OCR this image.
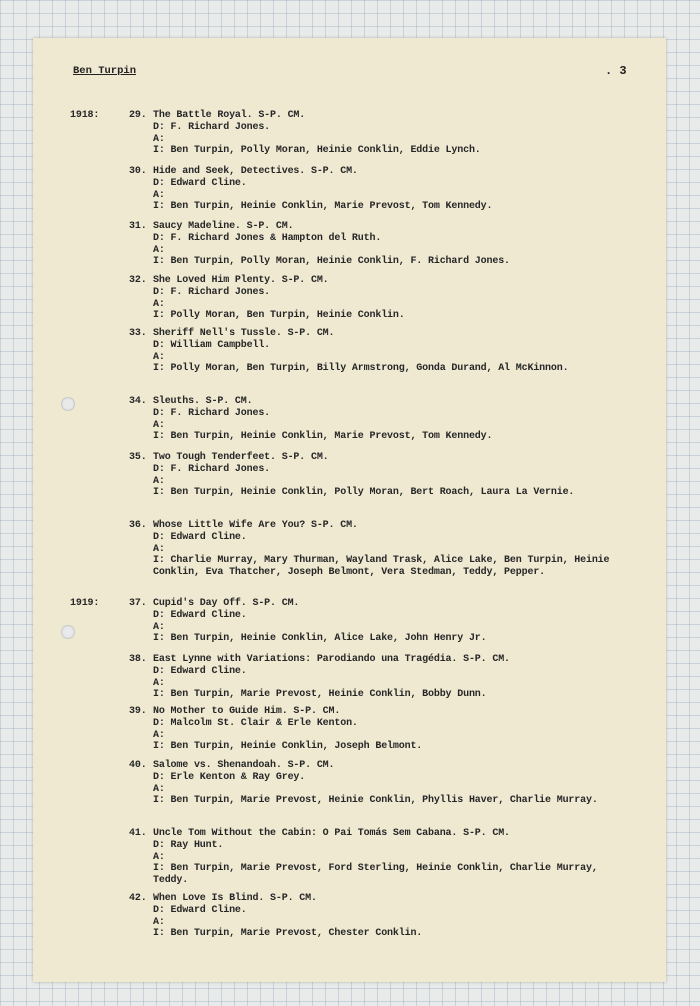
Ben Turpin	. 3
1918:	29. The Battle Royal. S-P. CM.
D: F. Richard Jones.
A:
I: Ben Turpin, Polly Moran, Heinie Conklin, Eddie Lynch.
30. Hide and Seek, Detectives. S-P. CM.
D: Edward Cline.
A:
I: Ben Turpin, Heinie Conklin, Marie Prevost, Tom Kennedy.
31. Saucy Madeline. S-P. CM.
D: F. Richard Jones & Hampton del Ruth.
A:
I: Ben Turpin, Polly Moran, Heinie Conklin, F. Richard Jones.
32. She Loved Him Plenty. S-P. CM.
D: F. Richard Jones.
A:
I: Polly Moran, Ben Turpin, Heinie Conklin.
33. Sheriff Nell's Tussle. S-P. CM.
D: William Campbell.
A:
I: Polly Moran, Ben Turpin, Billy Armstrong, Gonda Durand, Al McKinnon.
34. Sleuths. S-P. CM.
D: F. Richard Jones.
A:
I: Ben Turpin, Heinie Conklin, Marie Prevost, Tom Kennedy.
35. Two Tough Tenderfeet. S-P. CM.
D: F. Richard Jones.
A:
I: Ben Turpin, Heinie Conklin, Polly Moran, Bert Roach, Laura La Vernie.
36. Whose Little Wife Are You? S-P. CM.
D: Edward Cline.
A:
I: Charlie Murray, Mary Thurman, Wayland Trask, Alice Lake, Ben Turpin, Heinie Conklin, Eva Thatcher, Joseph Belmont, Vera Stedman, Teddy, Pepper.
1919:	37. Cupid's Day Off. S-P. CM.
D: Edward Cline.
A:
I: Ben Turpin, Heinie Conklin, Alice Lake, John Henry Jr.
38. East Lynne with Variations: Parodiando una Tragédia. S-P. CM.
D: Edward Cline.
A:
I: Ben Turpin, Marie Prevost, Heinie Conklin, Bobby Dunn.
39. No Mother to Guide Him. S-P. CM.
D: Malcolm St. Clair & Erle Kenton.
A:
I: Ben Turpin, Heinie Conklin, Joseph Belmont.
40. Salome vs. Shenandoah. S-P. CM.
D: Erle Kenton & Ray Grey.
A:
I: Ben Turpin, Marie Prevost, Heinie Conklin, Phyllis Haver, Charlie Murray.
41. Uncle Tom Without the Cabin: O Pai Tomás Sem Cabana. S-P. CM.
D: Ray Hunt.
A:
I: Ben Turpin, Marie Prevost, Ford Sterling, Heinie Conklin, Charlie Murray, Teddy.
42. When Love Is Blind. S-P. CM.
D: Edward Cline.
A:
I: Ben Turpin, Marie Prevost, Chester Conklin.
